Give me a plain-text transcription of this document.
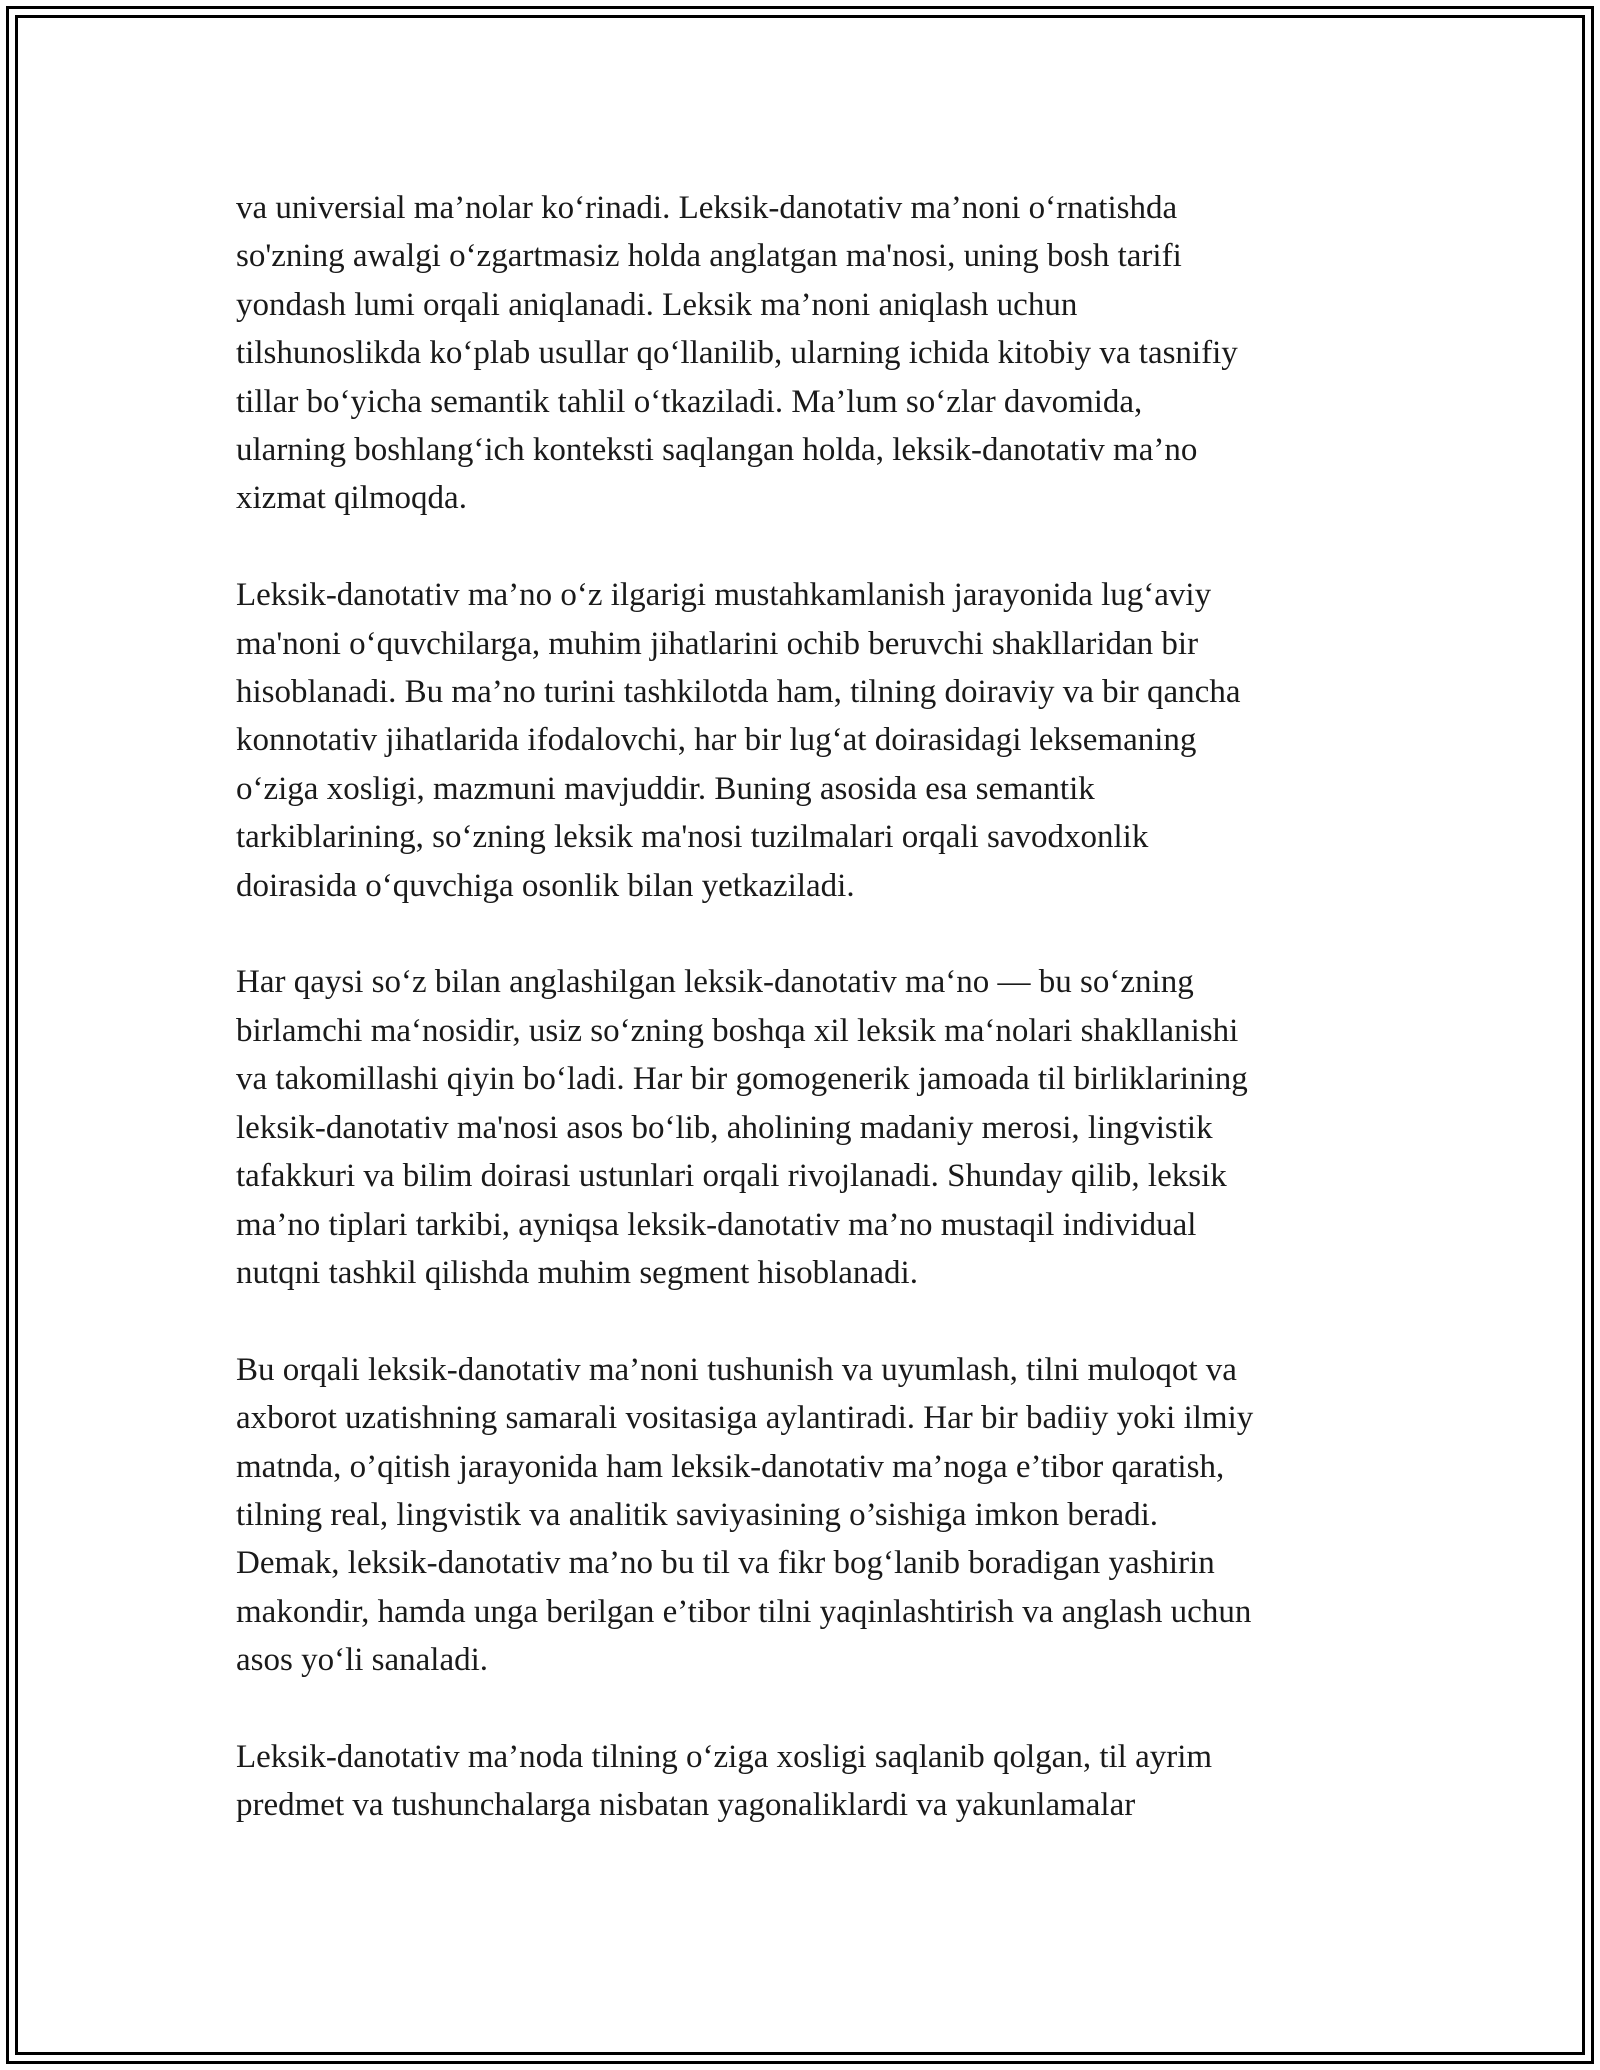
va universial ma’nolar ko‘rinadi. Leksik-danotativ ma’noni o‘rnatishda
so'zning awalgi o‘zgartmasiz holda anglatgan ma'nosi, uning bosh tarifi
yondash lumi orqali aniqlanadi. Leksik ma’noni aniqlash uchun
tilshunoslikda ko‘plab usullar qo‘llanilib, ularning ichida kitobiy va tasnifiy
tillar bo‘yicha semantik tahlil o‘tkaziladi. Ma’lum so‘zlar davomida,
ularning boshlang‘ich konteksti saqlangan holda, leksik-danotativ ma’no
xizmat qilmoqda.

Leksik-danotativ ma’no o‘z ilgarigi mustahkamlanish jarayonida lug‘aviy
ma'noni o‘quvchilarga, muhim jihatlarini ochib beruvchi shakllaridan bir
hisoblanadi. Bu ma’no turini tashkilotda ham, tilning doiraviy va bir qancha
konnotativ jihatlarida ifodalovchi, har bir lug‘at doirasidagi leksemaning
o‘ziga xosligi, mazmuni mavjuddir. Buning asosida esa semantik
tarkiblarining, so‘zning leksik ma'nosi tuzilmalari orqali savodxonlik
doirasida o‘quvchiga osonlik bilan yetkaziladi.

Har qaysi so‘z bilan anglashilgan leksik-danotativ ma‘no — bu so‘zning
birlamchi ma‘nosidir, usiz so‘zning boshqa xil leksik ma‘nolari shakllanishi
va takomillashi qiyin bo‘ladi. Har bir gomogenerik jamoada til birliklarining
leksik-danotativ ma'nosi asos bo‘lib, aholining madaniy merosi, lingvistik
tafakkuri va bilim doirasi ustunlari orqali rivojlanadi. Shunday qilib, leksik
ma’no tiplari tarkibi, ayniqsa leksik-danotativ ma’no mustaqil individual
nutqni tashkil qilishda muhim segment hisoblanadi.

Bu orqali leksik-danotativ ma’noni tushunish va uyumlash, tilni muloqot va
axborot uzatishning samarali vositasiga aylantiradi. Har bir badiiy yoki ilmiy
matnda, o’qitish jarayonida ham leksik-danotativ ma’noga e’tibor qaratish,
tilning real, lingvistik va analitik saviyasining o’sishiga imkon beradi.
Demak, leksik-danotativ ma’no bu til va fikr bog‘lanib boradigan yashirin
makondir, hamda unga berilgan e’tibor tilni yaqinlashtirish va anglash uchun
asos yo‘li sanaladi.

Leksik-danotativ ma’noda tilning o‘ziga xosligi saqlanib qolgan, til ayrim
predmet va tushunchalarga nisbatan yagonaliklardi va yakunlamalar
